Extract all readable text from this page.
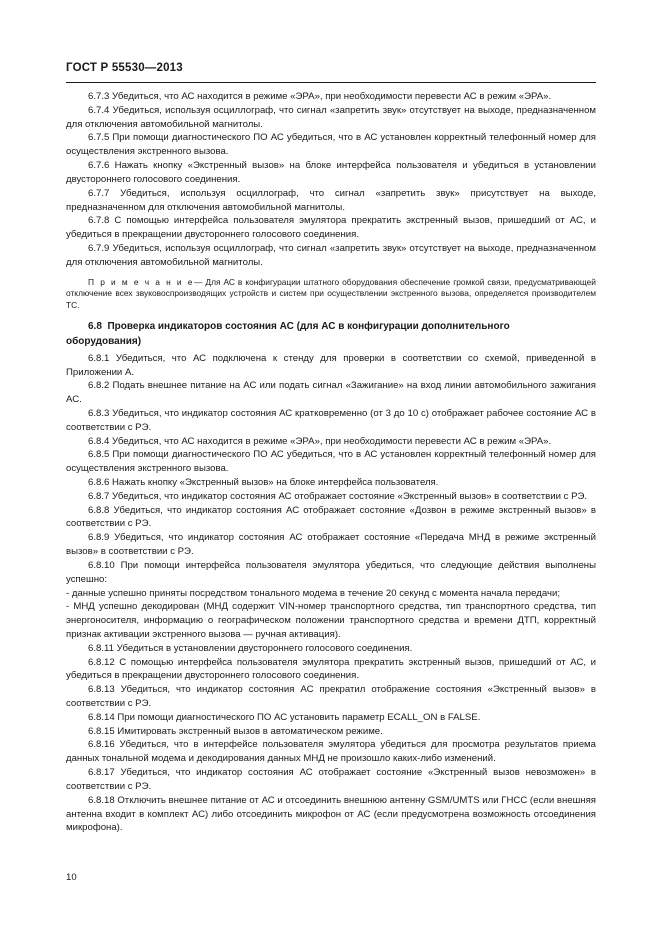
ГОСТ Р 55530—2013

6.7.3 Убедиться, что АС находится в режиме «ЭРА», при необходимости перевести АС в режим «ЭРА».

6.7.4 Убедиться, используя осциллограф, что сигнал «запретить звук» отсутствует на выходе, предназначенном для отключения автомобильной магнитолы.

6.7.5 При помощи диагностического ПО АС убедиться, что в АС установлен корректный телефонный номер для осуществления экстренного вызова.

6.7.6 Нажать кнопку «Экстренный вызов» на блоке интерфейса пользователя и убедиться в установлении двустороннего голосового соединения.

6.7.7 Убедиться, используя осциллограф, что сигнал «запретить звук» присутствует на выходе, предназначенном для отключения автомобильной магнитолы.

6.7.8 С помощью интерфейса пользователя эмулятора прекратить экстренный вызов, пришедший от АС, и убедиться в прекращении двустороннего голосового соединения.

6.7.9 Убедиться, используя осциллограф, что сигнал «запретить звук» отсутствует на выходе, предназначенном для отключения автомобильной магнитолы.

П р и м е ч а н и е— Для АС в конфигурации штатного оборудования обеспечение громкой связи, предусматривающей отключение всех звуковоспроизводящих устройств и систем при осуществлении экстренного вызова, определяется производителем ТС.
6.8 Проверка индикаторов состояния АС (для АС в конфигурации дополнительного
оборудования)

6.8.1 Убедиться, что АС подключена к стенду для проверки в соответствии со схемой, приведенной в Приложении А.

6.8.2 Подать внешнее питание на АС или подать сигнал «Зажигание» на вход линии автомобильного зажигания АС.

6.8.3 Убедиться, что индикатор состояния АС кратковременно (от 3 до 10 с) отображает рабочее состояние АС в соответствии с РЭ.

6.8.4 Убедиться, что АС находится в режиме «ЭРА», при необходимости перевести АС в режим «ЭРА».

6.8.5 При помощи диагностического ПО АС убедиться, что в АС установлен корректный телефонный номер для осуществления экстренного вызова.

6.8.6 Нажать кнопку «Экстренный вызов» на блоке интерфейса пользователя.

6.8.7 Убедиться, что индикатор состояния АС отображает состояние «Экстренный вызов» в соответствии с РЭ.

6.8.8 Убедиться, что индикатор состояния АС отображает состояние «Дозвон в режиме экстренный вызов» в соответствии с РЭ.

6.8.9 Убедиться, что индикатор состояния АС отображает состояние «Передача МНД в режиме экстренный вызов» в соответствии с РЭ.

6.8.10 При помощи интерфейса пользователя эмулятора убедиться, что следующие действия выполнены успешно:

- данные успешно приняты посредством тонального модема в течение 20 секунд с момента начала передачи;

- МНД успешно декодирован (МНД содержит VIN-номер транспортного средства, тип транспортного средства, тип энергоносителя, информацию о географическом положении транспортного средства и времени ДТП, корректный признак активации экстренного вызова — ручная активация).

6.8.11 Убедиться в установлении двустороннего голосового соединения.

6.8.12 С помощью интерфейса пользователя эмулятора прекратить экстренный вызов, пришедший от АС, и убедиться в прекращении двустороннего голосового соединения.

6.8.13 Убедиться, что индикатор состояния АС прекратил отображение состояния «Экстренный вызов» в соответствии с РЭ.

6.8.14 При помощи диагностического ПО АС установить параметр ECALL_ON в FALSE.

6.8.15 Имитировать экстренный вызов в автоматическом режиме.

6.8.16 Убедиться, что в интерфейсе пользователя эмулятора убедиться для просмотра результатов приема данных тональной модема и декодирования данных МНД не произошло каких-либо изменений.

6.8.17 Убедиться, что индикатор состояния АС отображает состояние «Экстренный вызов невозможен» в соответствии с РЭ.

6.8.18 Отключить внешнее питание от АС и отсоединить внешнюю антенну GSM/UMTS или ГНСС (если внешняя антенна входит в комплект АС) либо отсоединить микрофон от АС (если предусмотрена возможность отсоединения микрофона).

10
